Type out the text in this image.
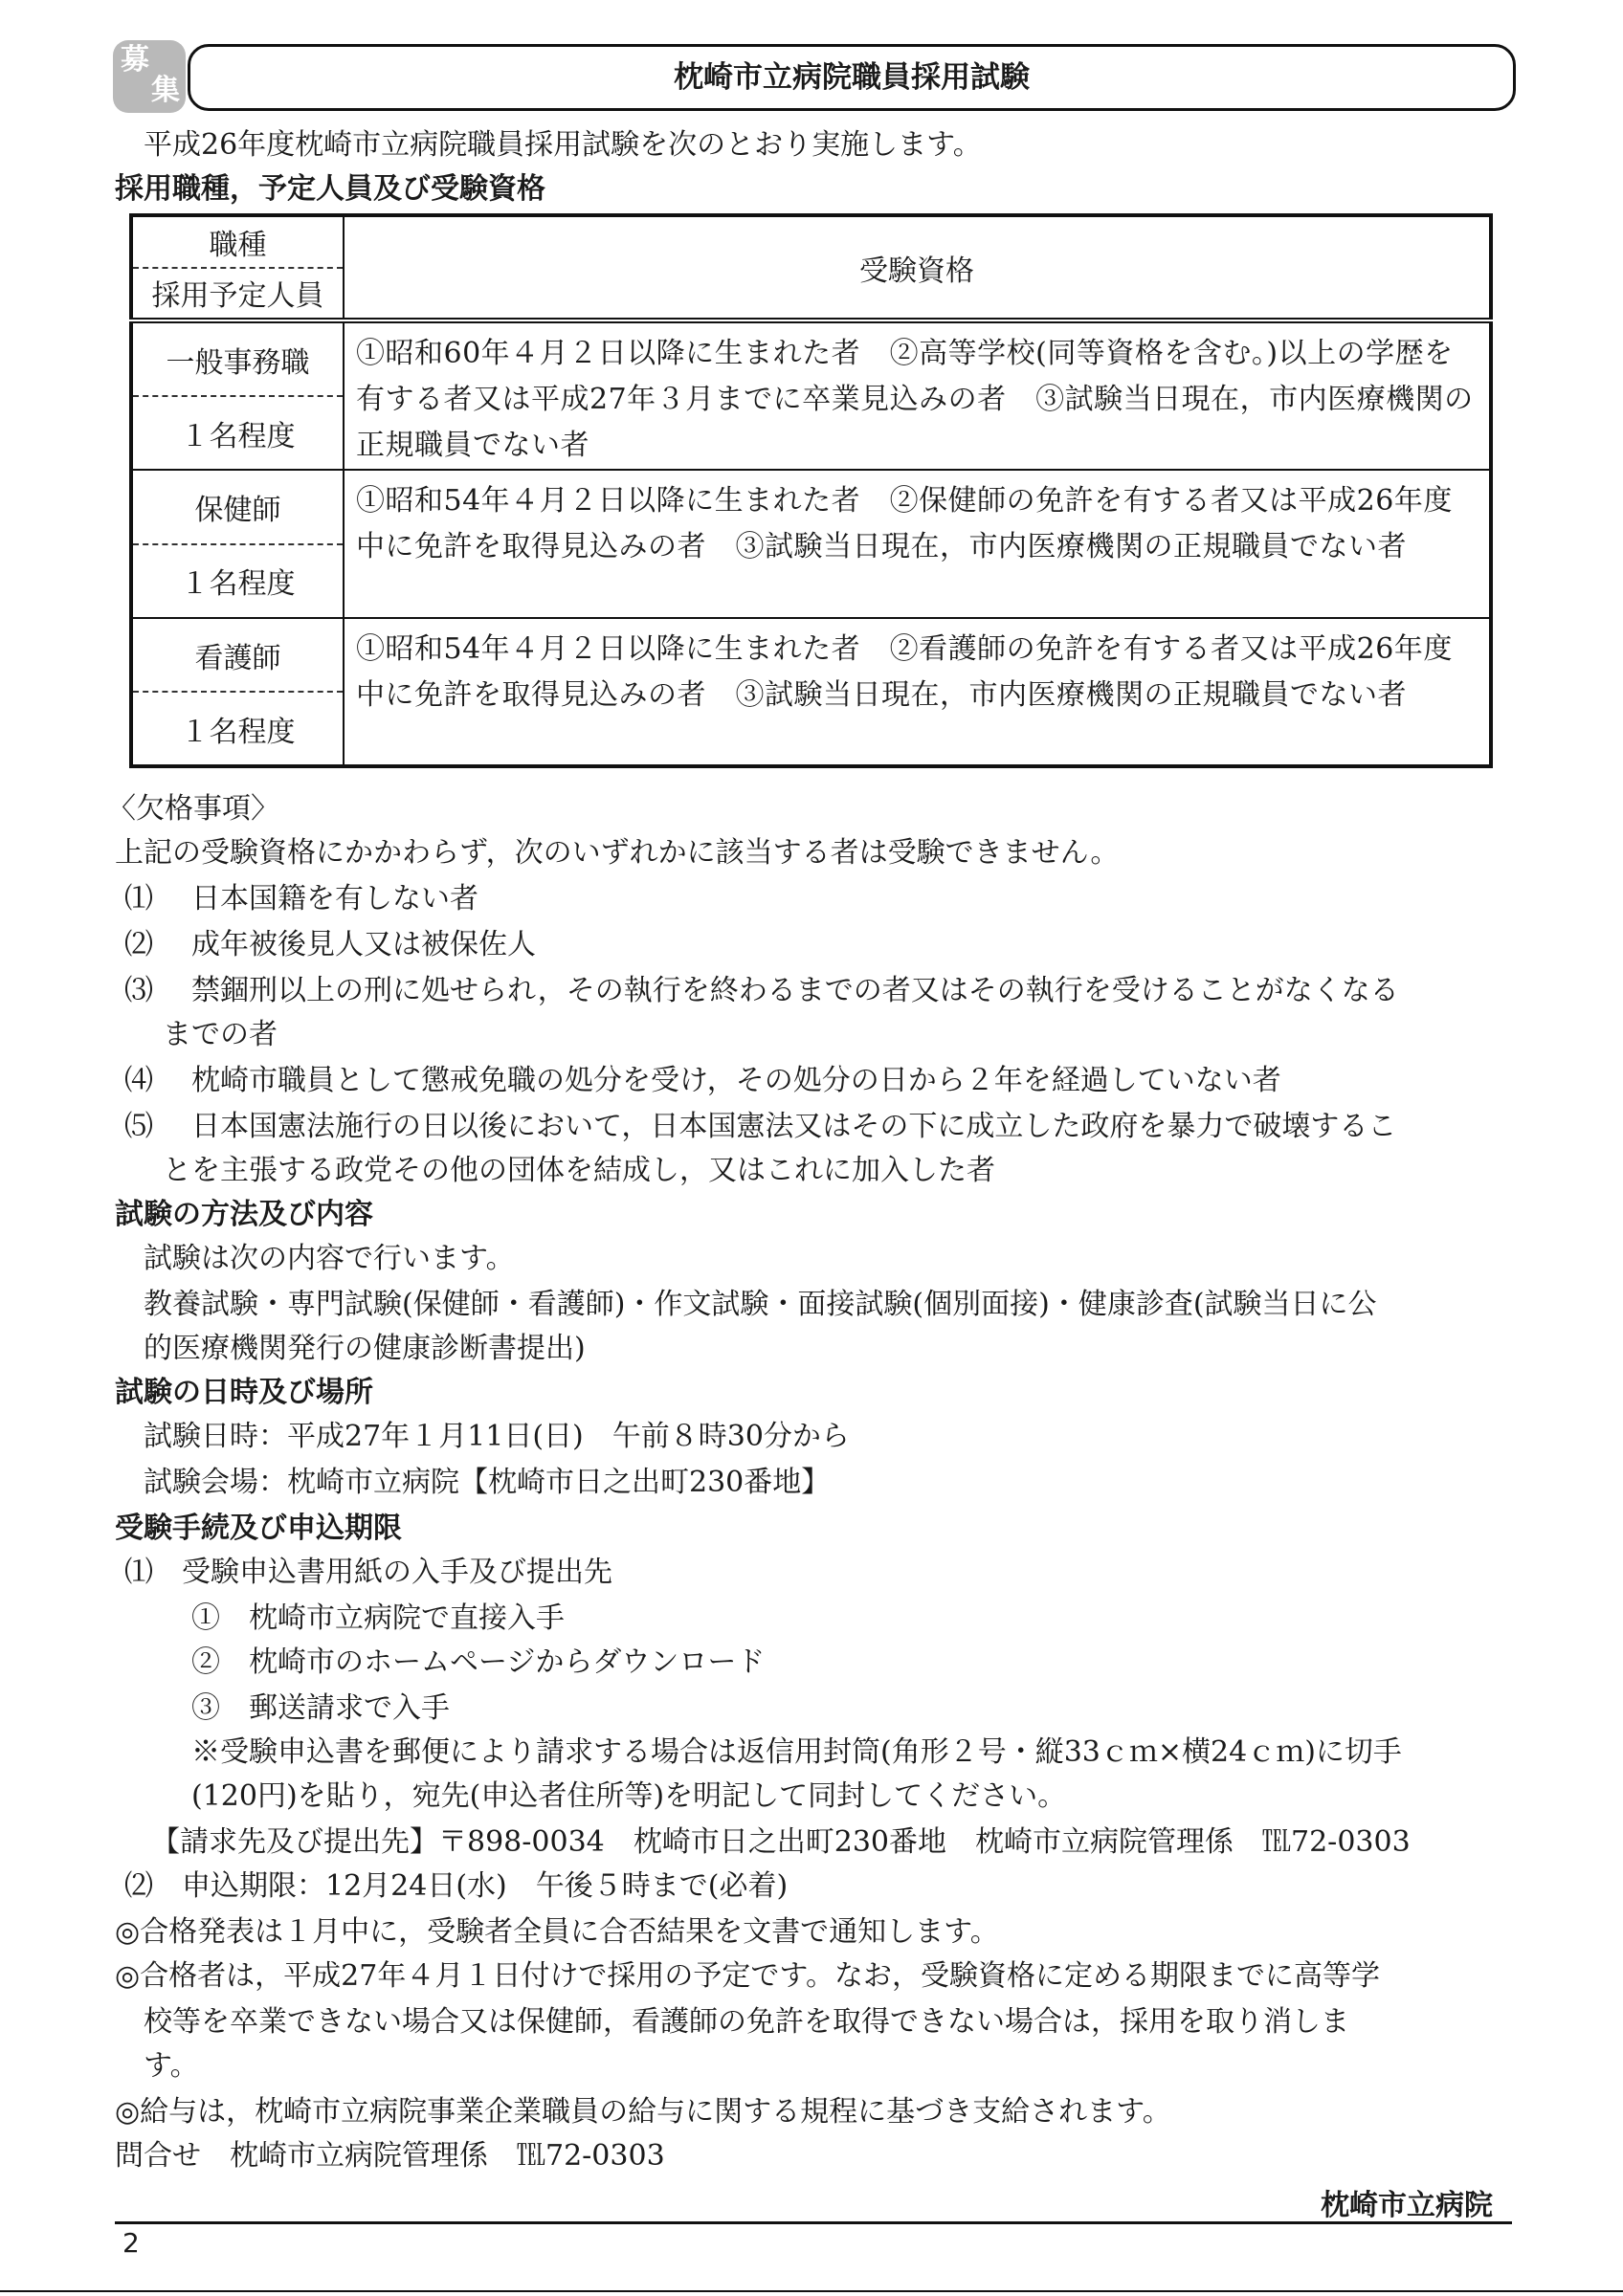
募
集	枕崎市立病院職員採用試験
平成26年度枕崎市立病院職員採用試験を次のとおり実施します。
採用職種，予定人員及び受験資格
職種
採用予定人員	受験資格

一般事務職
１名程度	①昭和60年４月２日以降に生まれた者　②高等学校(同等資格を含む。)以上の学歴を有する者又は平成27年３月までに卒業見込みの者　③試験当日現在，市内医療機関の正規職員でない者

保健師
１名程度	①昭和54年４月２日以降に生まれた者　②保健師の免許を有する者又は平成26年度中に免許を取得見込みの者　③試験当日現在，市内医療機関の正規職員でない者

看護師
１名程度	①昭和54年４月２日以降に生まれた者　②看護師の免許を有する者又は平成26年度中に免許を取得見込みの者　③試験当日現在，市内医療機関の正規職員でない者
〈欠格事項〉
上記の受験資格にかかわらず，次のいずれかに該当する者は受験できません。
⑴ 日本国籍を有しない者
⑵ 成年被後見人又は被保佐人
⑶ 禁錮刑以上の刑に処せられ，その執行を終わるまでの者又はその執行を受けることがなくなる
までの者
⑷ 枕崎市職員として懲戒免職の処分を受け，その処分の日から２年を経過していない者
⑸ 日本国憲法施行の日以後において，日本国憲法又はその下に成立した政府を暴力で破壊するこ
とを主張する政党その他の団体を結成し，又はこれに加入した者
試験の方法及び内容
試験は次の内容で行います。
教養試験・専門試験(保健師・看護師)・作文試験・面接試験(個別面接)・健康診査(試験当日に公
的医療機関発行の健康診断書提出)
試験の日時及び場所
試験日時：平成27年１月11日(日)　午前８時30分から
試験会場：枕崎市立病院【枕崎市日之出町230番地】
受験手続及び申込期限
⑴　受験申込書用紙の入手及び提出先
①　枕崎市立病院で直接入手
②　枕崎市のホームページからダウンロード
③　郵送請求で入手
※受験申込書を郵便により請求する場合は返信用封筒(角形２号・縦33ｃｍ×横24ｃｍ)に切手
(120円)を貼り，宛先(申込者住所等)を明記して同封してください。
【請求先及び提出先】〒898-0034　枕崎市日之出町230番地　枕崎市立病院管理係　℡72-0303
⑵　申込期限：12月24日(水)　午後５時まで(必着)
◎合格発表は１月中に，受験者全員に合否結果を文書で通知します。
◎合格者は，平成27年４月１日付けで採用の予定です。なお，受験資格に定める期限までに高等学
校等を卒業できない場合又は保健師，看護師の免許を取得できない場合は，採用を取り消しま
す。
◎給与は，枕崎市立病院事業企業職員の給与に関する規程に基づき支給されます。
問合せ　枕崎市立病院管理係　℡72-0303
枕崎市立病院
2
